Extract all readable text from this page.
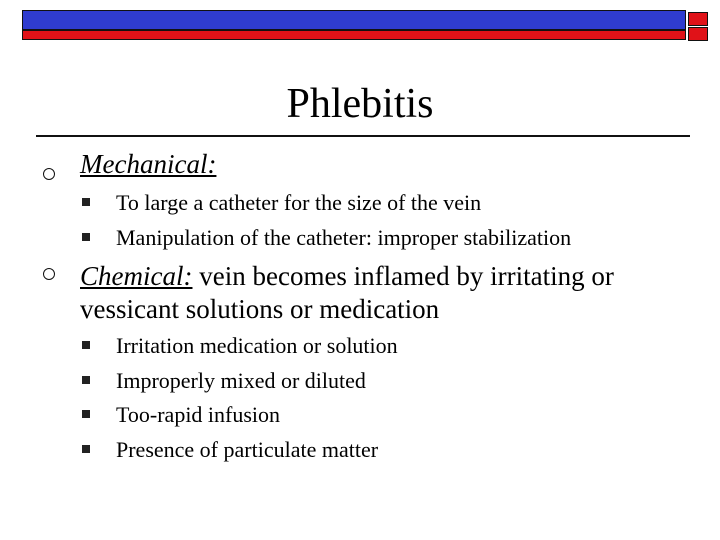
Phlebitis
Mechanical:
To large a catheter for the size of the vein
Manipulation of the catheter: improper stabilization
Chemical: vein becomes inflamed by irritating or
vessicant solutions or medication
Irritation medication or solution
Improperly mixed or diluted
Too-rapid infusion
Presence of particulate matter
